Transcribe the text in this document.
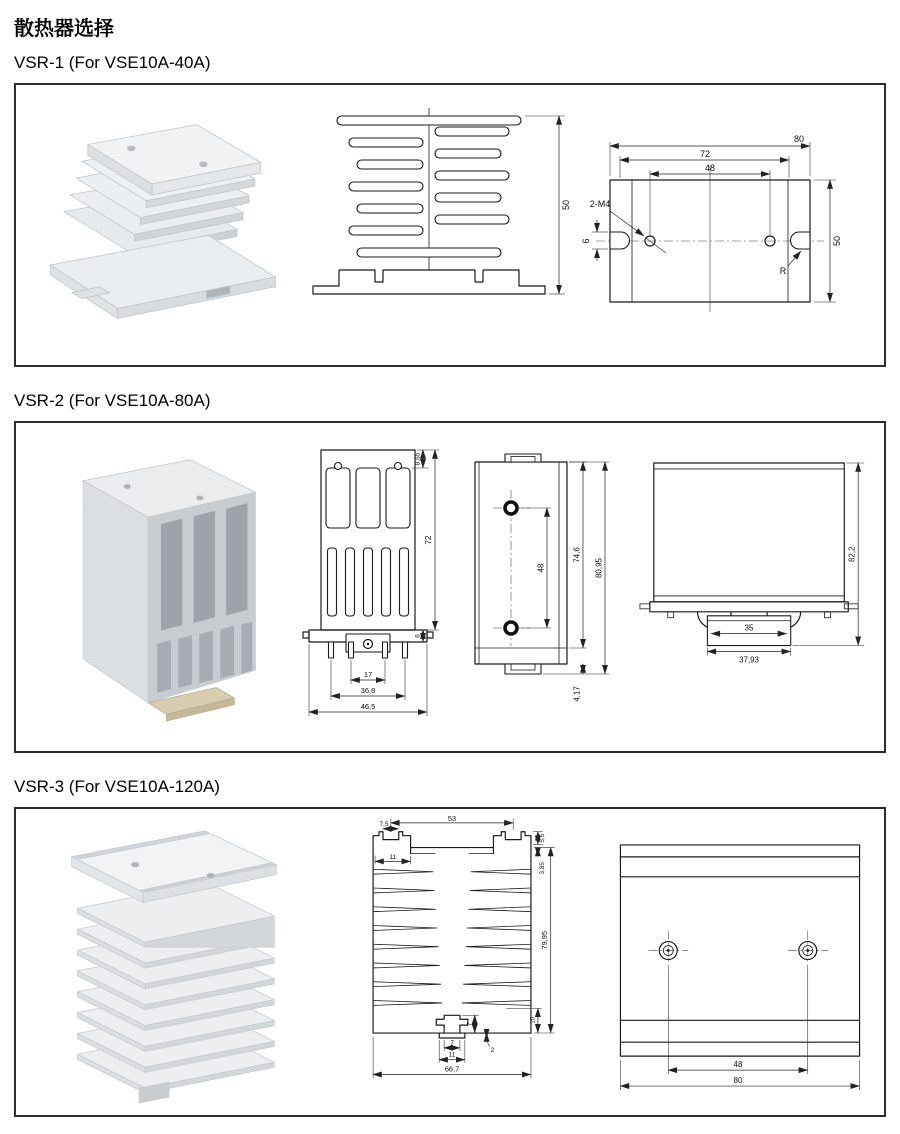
散热器选择
VSR-1 (For VSE10A-40A)
50
80
72
48
6	50
2-M4
R
VSR-2 (For VSE10A-80A)
17
36,8
46,5
72
8,65
6
48
74,6
80,95
4,17
35
37,93
82,2
VSR-3 (For VSE10A-120A)
53
7,5
11
5,5
3,85
79,95
10
7
2
7
11
66,7	48
80
